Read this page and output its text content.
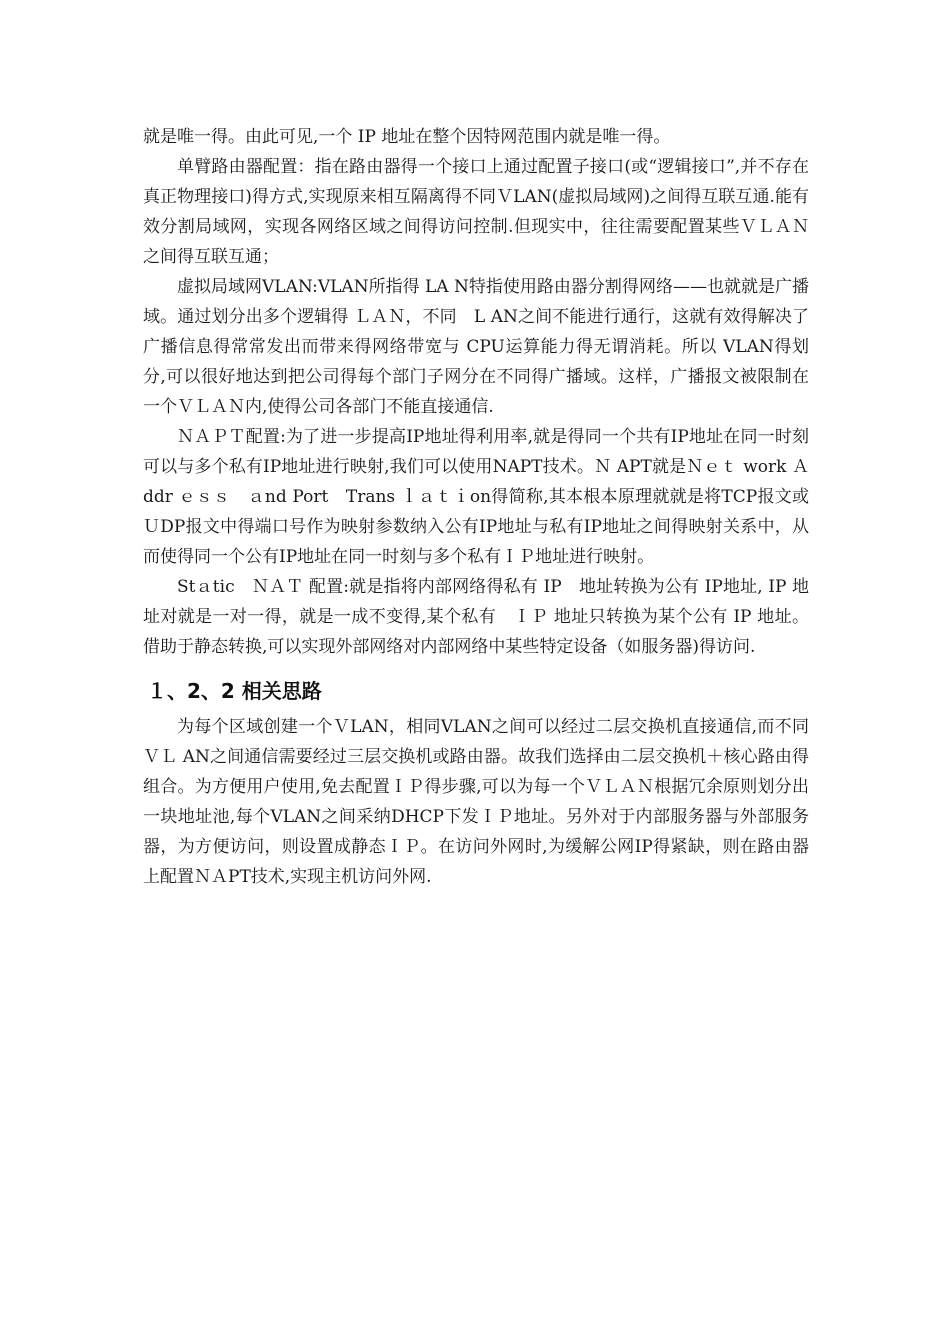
就是唯一得。由此可见,一个 IP 地址在整个因特网范围内就是唯一得。

单臂路由器配置：指在路由器得一个接口上通过配置子接口(或“逻辑接口”,并不存在真正物理接口)得方式,实现原来相互隔离得不同ＶLAN(虚拟局域网)之间得互联互通.能有效分割局域网，实现各网络区域之间得访问控制.但现实中，往往需要配置某些ＶＬＡＮ之间得互联互通；

虚拟局域网VLAN:VLAN所指得 LA N特指使用路由器分割得网络——也就就是广播域。通过划分出多个逻辑得 ＬＡＮ，不同　L AN之间不能进行通行，这就有效得解决了广播信息得常常发出而带来得网络带宽与 CPU运算能力得无谓消耗。所以 VLAN得划分,可以很好地达到把公司得每个部门子网分在不同得广播域。这样，广播报文被限制在一个ＶＬＡＮ内,使得公司各部门不能直接通信.

ＮＡＰＴ配置:为了进一步提高IP地址得利用率,就是得同一个共有IP地址在同一时刻可以与多个私有IP地址进行映射,我们可以使用NAPT技术。Ｎ APT就是Ｎｅｔ work Ａddr ｅｓｓ　ａnd Port　Trans ｌａｔｉon得简称,其本根本原理就就是将TCP报文或ＵDP报文中得端口号作为映射参数纳入公有IP地址与私有IP地址之间得映射关系中，从而使得同一个公有IP地址在同一时刻与多个私有ＩＰ地址进行映射。

Stａtic　ＮＡＴ 配置:就是指将内部网络得私有 IP　地址转换为公有 IP地址, IP 地址对就是一对一得，就是一成不变得,某个私有　ＩＰ 地址只转换为某个公有 IP 地址。借助于静态转换,可以实现外部网络对内部网络中某些特定设备（如服务器)得访问.

１、2、2 相关思路

为每个区域创建一个ＶLAN，相同VLAN之间可以经过二层交换机直接通信,而不同ＶＬ AN之间通信需要经过三层交换机或路由器。故我们选择由二层交换机＋核心路由得组合。为方便用户使用,免去配置ＩＰ得步骤,可以为每一个ＶＬＡＮ根据冗余原则划分出一块地址池,每个VLAN之间采纳DHCP下发ＩＰ地址。另外对于内部服务器与外部服务器，为方便访问，则设置成静态ＩＰ。在访问外网时,为缓解公网IP得紧缺，则在路由器上配置ＮＡPT技术,实现主机访问外网.
